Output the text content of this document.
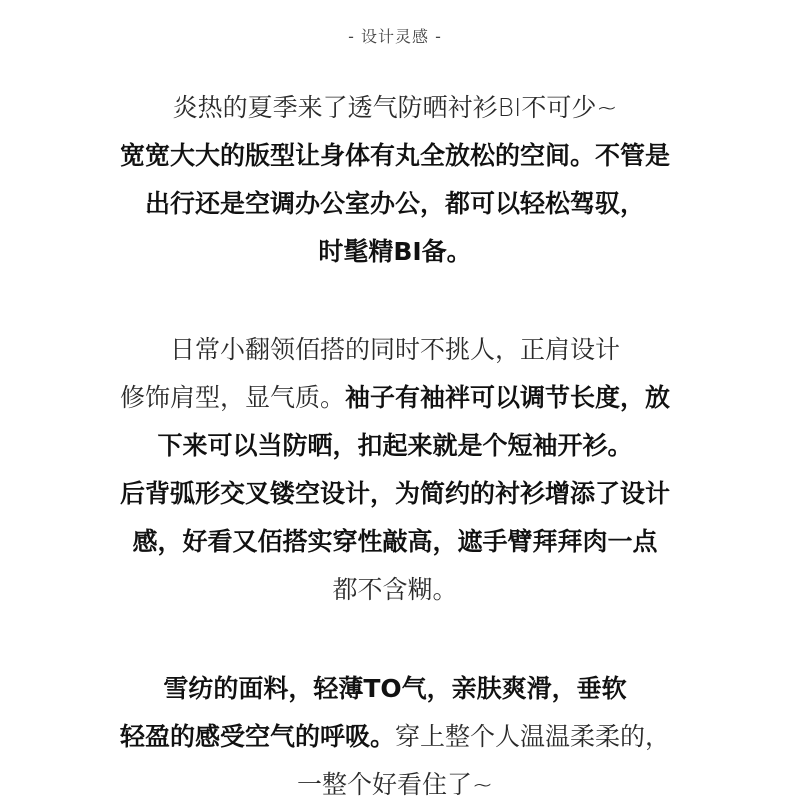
- 设计灵感 -
炎热的夏季来了透气防晒衬衫BI不可少~
宽宽大大的版型让身体有丸全放松的空间。不管是
出行还是空调办公室办公，都可以轻松驾驭，
时髦精BI备。
日常小翻领佰搭的同时不挑人，正肩设计
修饰肩型，显气质。袖子有袖袢可以调节长度，放
下来可以当防晒，扣起来就是个短袖开衫。
后背弧形交叉镂空设计，为简约的衬衫增添了设计
感，好看又佰搭实穿性敲高，遮手臂拜拜肉一点
都不含糊。
雪纺的面料，轻薄TO气，亲肤爽滑，垂软
轻盈的感受空气的呼吸。穿上整个人温温柔柔的，
一整个好看住了~
